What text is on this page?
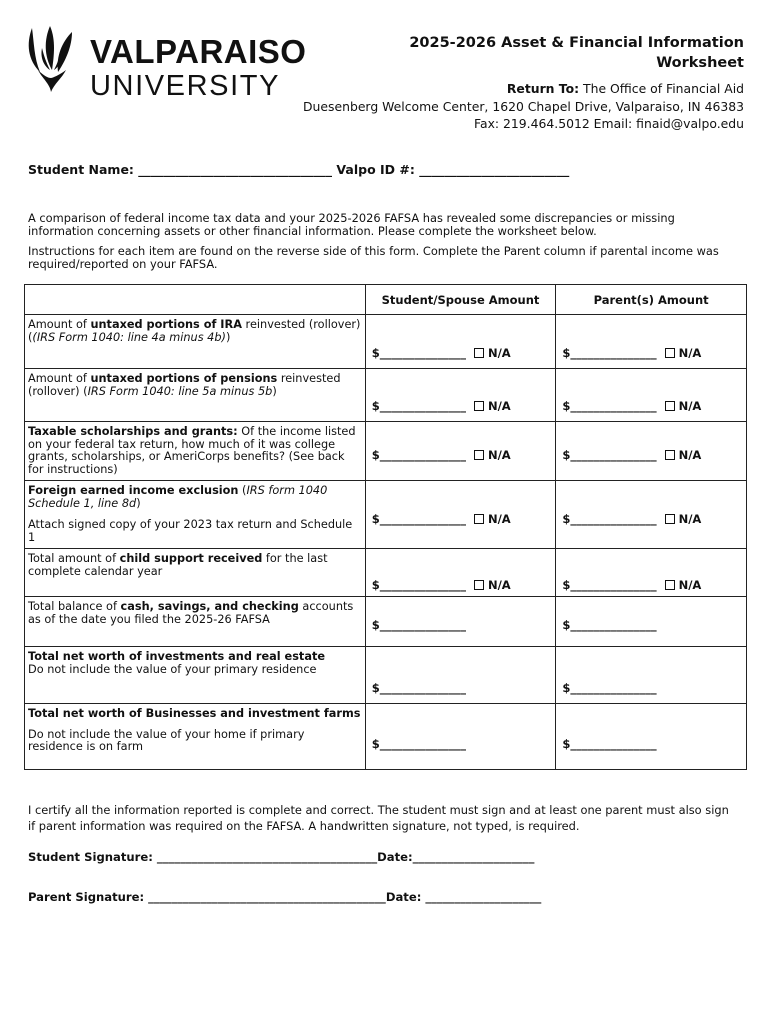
VALPARAISO
UNIVERSITY
2025-2026 Asset & Financial Information
Worksheet
Return To: The Office of Financial Aid
Duesenberg Welcome Center, 1620 Chapel Drive, Valparaiso, IN 46383
Fax: 219.464.5012 Email: finaid@valpo.edu
Student Name: _______________________________ Valpo ID #: ________________________

A comparison of federal income tax data and your 2025-2026 FAFSA has revealed some discrepancies or missing information concerning assets or other financial information. Please complete the worksheet below.

Instructions for each item are found on the reverse side of this form. Complete the Parent column if parental income was required/reported on your FAFSA.

	Student/Spouse Amount	Parent(s) Amount
Amount of untaxed portions of IRA reinvested (rollover)
((IRS Form 1040: line 4a minus 4b))	$_______________ N/A	$_______________ N/A
Amount of untaxed portions of pensions reinvested (rollover) (IRS Form 1040: line 5a minus 5b)	$_______________ N/A	$_______________ N/A
Taxable scholarships and grants: Of the income listed on your federal tax return, how much of it was college grants, scholarships, or AmeriCorps benefits? (See back for instructions)	$_______________ N/A	$_______________ N/A
Foreign earned income exclusion (IRS form 1040 Schedule 1, line 8d)
Attach signed copy of your 2023 tax return and Schedule 1	$_______________ N/A	$_______________ N/A
Total amount of child support received for the last complete calendar year	$_______________ N/A	$_______________ N/A
Total balance of cash, savings, and checking accounts as of the date you filed the 2025-26 FAFSA	$_______________	$_______________
Total net worth of investments and real estate
Do not include the value of your primary residence	$_______________	$_______________
Total net worth of Businesses and investment farms

Do not include the value of your home if primary residence is on farm	$_______________	$_______________

I certify all the information reported is complete and correct. The student must sign and at least one parent must also sign if parent information was required on the FAFSA. A handwritten signature, not typed, is required.

Student Signature: ______________________________________Date:_____________________
Parent Signature: _________________________________________Date: ____________________
